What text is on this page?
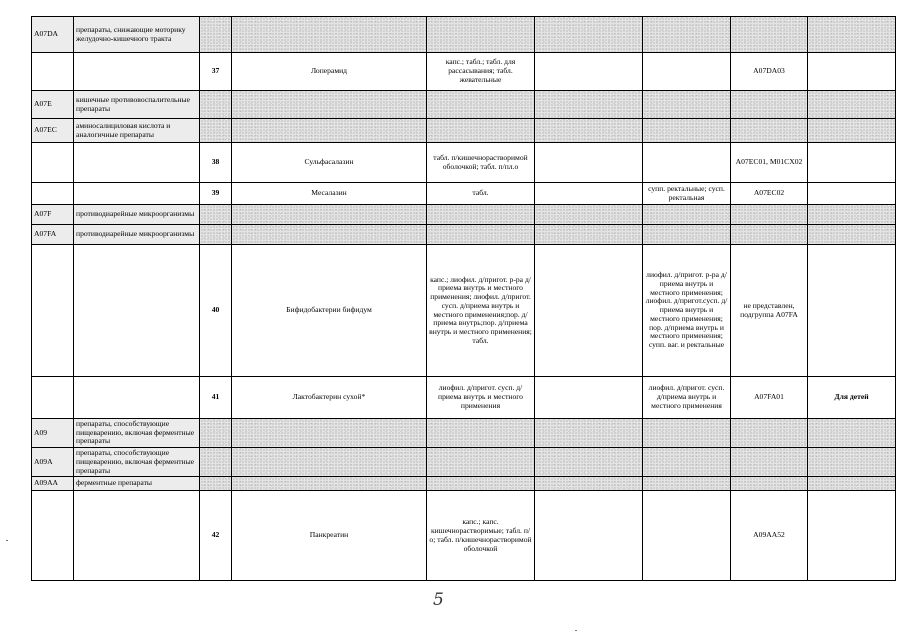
A07DA	препараты, снижающие моторику желудочно-кишечного тракта							
		37	Лоперамид	капс.; табл.; табл. для рассасывания; табл. жевательные			A07DA03	
A07E	кишечные противовоспалительные препараты							
A07EC	аминосалициловая кислота и аналогичные препараты							
		38	Сульфасалазин	табл. п/кишечнорастворимой оболочкой; табл. п/пл.о			A07EC01, M01CX02	
		39	Месалазин	табл.		супп. ректальные; сусп. ректальная	A07EC02	
A07F	противодиарейные микроорганизмы							
A07FA	противодиарейные микроорганизмы							
		40	Бифидобактерии бифидум	капс.; лиофил. д/пригот. р-ра д/приема внутрь и местного применения; лиофил. д/пригот. сусп. д/приема внутрь и местного применения;пор. д/приема внутрь;пор. д/приема внутрь и местного применения; табл.		лиофил. д/пригот. р-ра д/приема внутрь и местного применения; лиофил. д/пригот.сусп. д/приема внутрь и местного применения; пор. д/приема внутрь и местного применения; супп. ваг. и ректальные	не представлен, подгруппа A07FA	
		41	Лактобактерин сухой*	лиофил. д/пригот. сусп. д/приема внутрь и местного применения		лиофил. д/пригот. сусп. д/приема внутрь и местного применения	A07FA01	Для детей
A09	препараты, способствующие пищеварению, включая ферментные препараты							
A09A	препараты, способствующие пищеварению, включая ферментные препараты							
A09AA	ферментные препараты							
		42	Панкреатин	капс.; капс. кишечнорастворимые; табл. п/о; табл. п/кишечнорастворимой оболочкой			A09AA52	
5
